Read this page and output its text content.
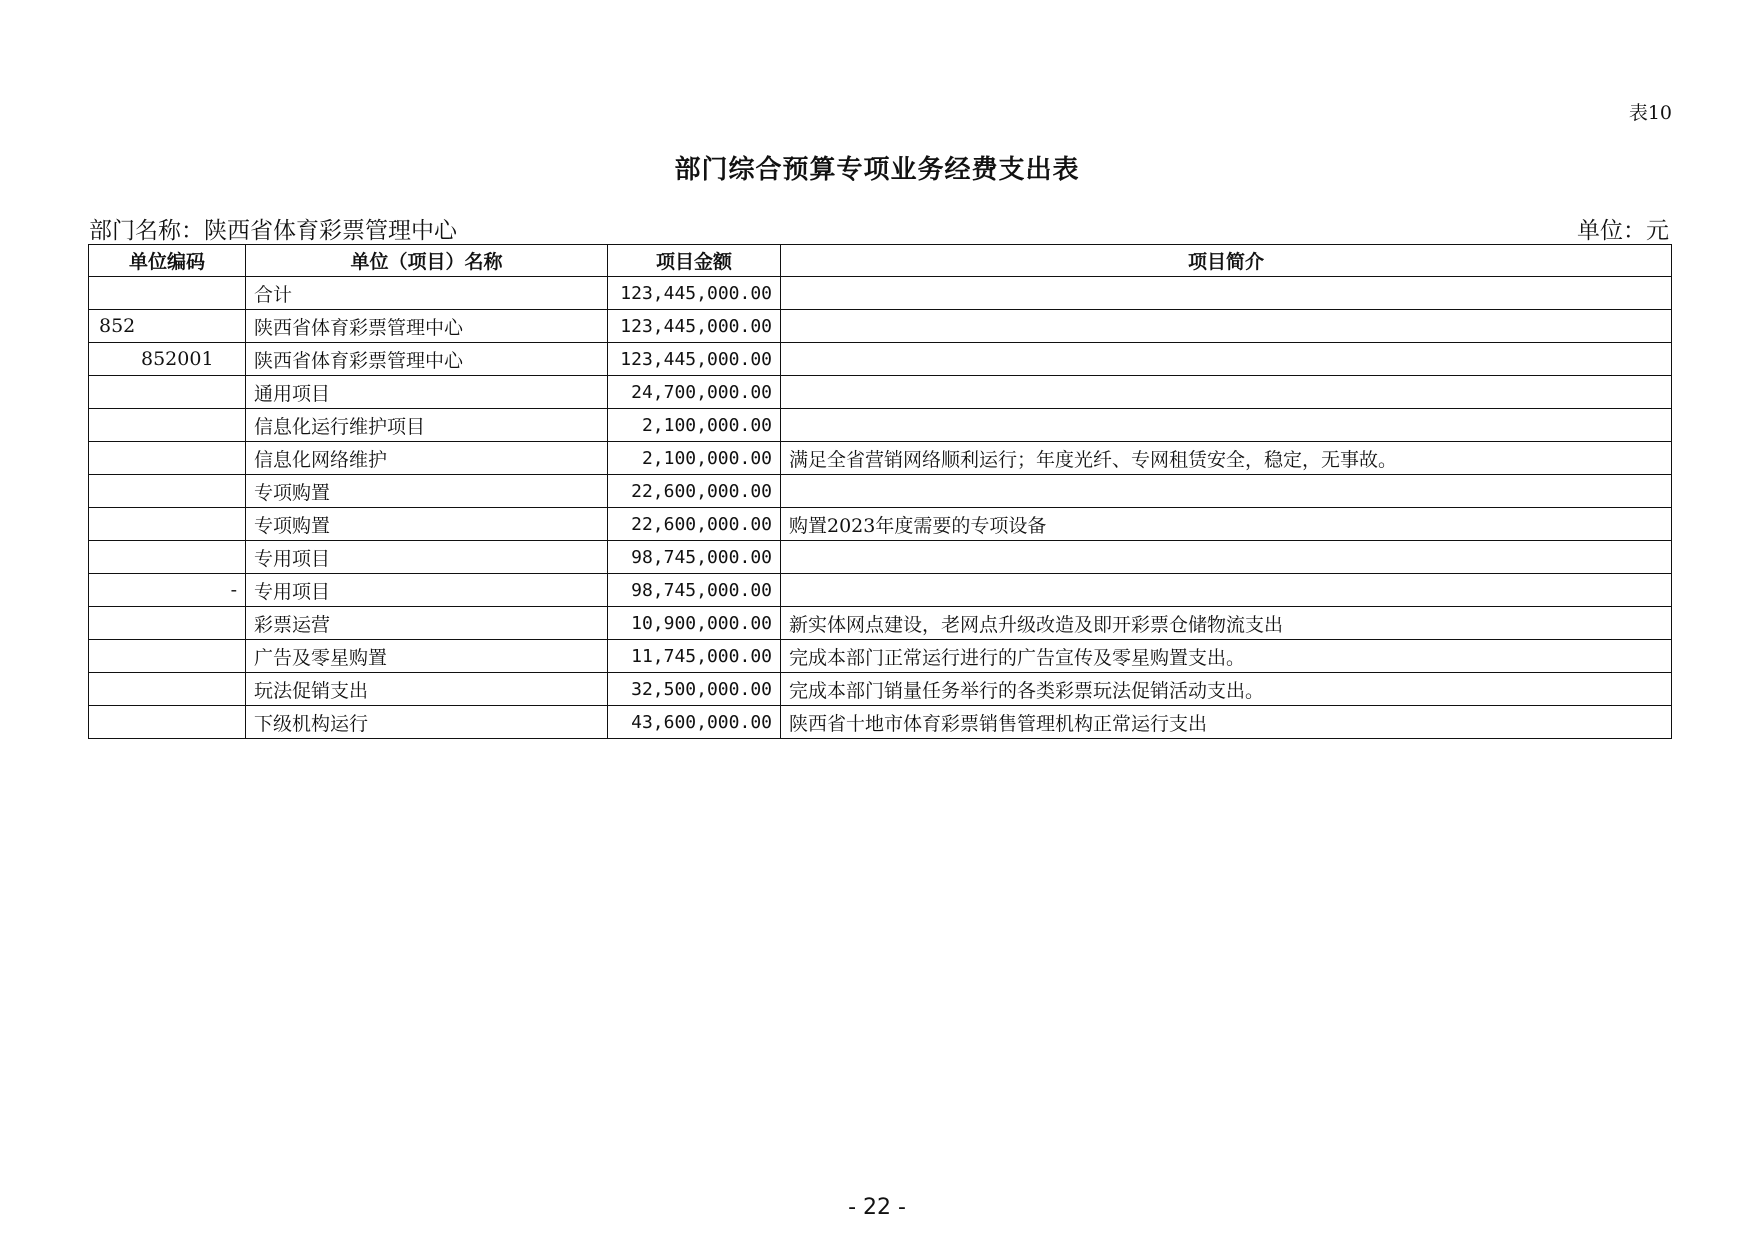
表10
部门综合预算专项业务经费支出表
部门名称：陕西省体育彩票管理中心	单位：元
单位编码	单位（项目）名称	项目金额	项目简介
	合计	123,445,000.00	
852	陕西省体育彩票管理中心	123,445,000.00	
852001	陕西省体育彩票管理中心	123,445,000.00	
	通用项目	24,700,000.00	
	信息化运行维护项目	2,100,000.00	
	信息化网络维护	2,100,000.00	满足全省营销网络顺利运行；年度光纤、专网租赁安全，稳定，无事故。
	专项购置	22,600,000.00	
	专项购置	22,600,000.00	购置2023年度需要的专项设备
	专用项目	98,745,000.00	
-	专用项目	98,745,000.00	
	彩票运营	10,900,000.00	新实体网点建设，老网点升级改造及即开彩票仓储物流支出
	广告及零星购置	11,745,000.00	完成本部门正常运行进行的广告宣传及零星购置支出。
	玩法促销支出	32,500,000.00	完成本部门销量任务举行的各类彩票玩法促销活动支出。
	下级机构运行	43,600,000.00	陕西省十地市体育彩票销售管理机构正常运行支出
- 22 -
